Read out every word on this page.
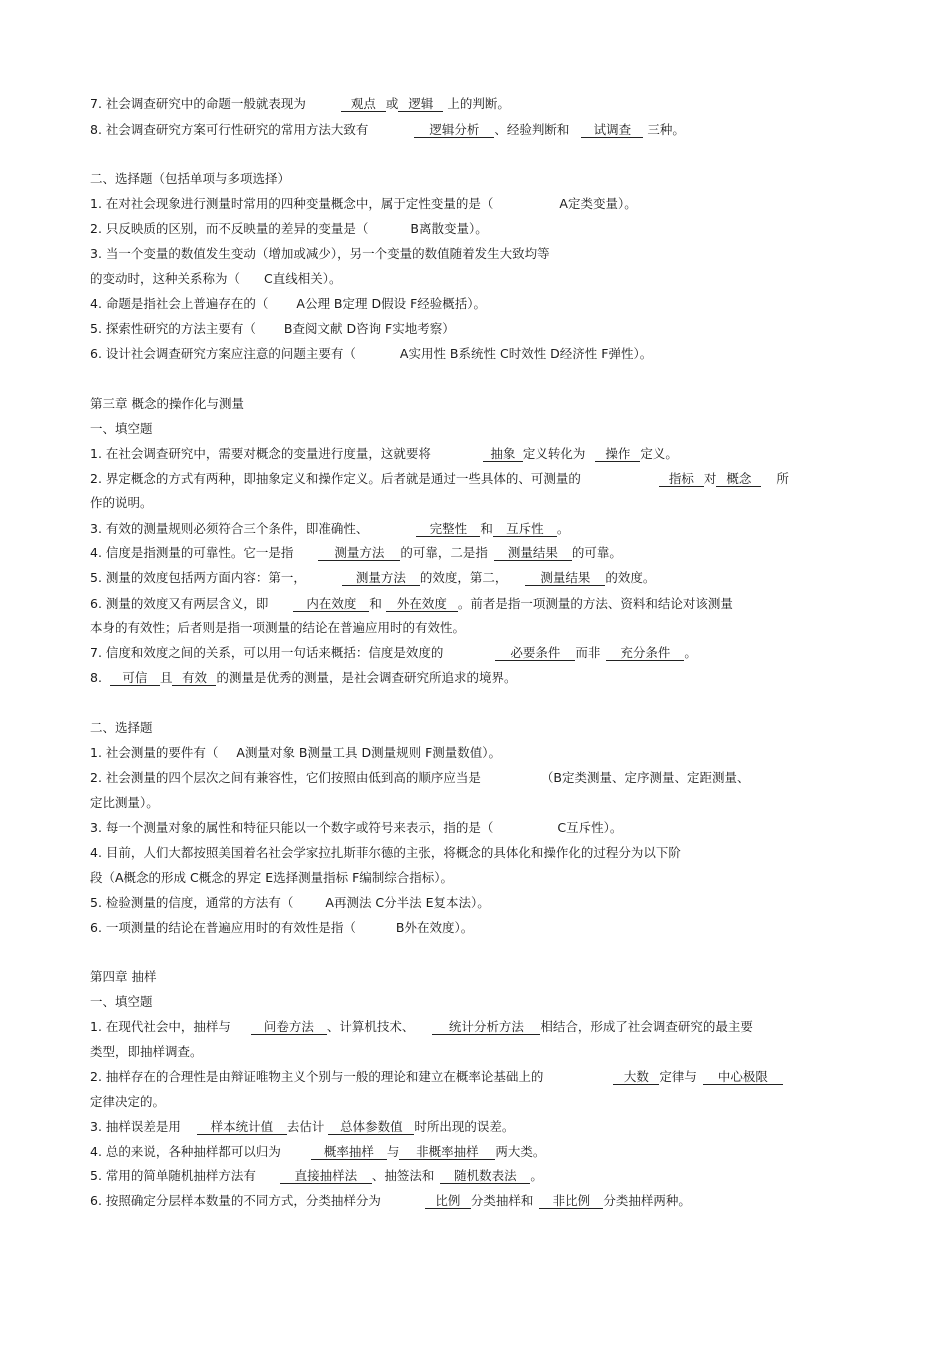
7. 社会调查研究中的命题一般就表现为	观点 或 逻辑 上的判断。
8. 社会调查研究方案可行性研究的常用方法大致有	逻辑分析 、经验判断和 试调查 三种。
二、选择题（包括单项与多项选择）
1. 在对社会现象进行测量时常用的四种变量概念中，属于定性变量的是（	A定类变量）。
2. 只反映质的区别，而不反映量的差异的变量是（	B离散变量）。
3. 当一个变量的数值发生变动（增加或减少），另一个变量的数值随着发生大致均等
的变动时，这种关系称为（ C直线相关）。
4. 命题是指社会上普遍存在的（ A公理 B定理 D假设 F经验概括）。
5. 探索性研究的方法主要有（ B查阅文献 D咨询 F实地考察）
6. 设计社会调查研究方案应注意的问题主要有（	A实用性 B系统性 C时效性 D经济性 F弹性）。
第三章 概念的操作化与测量
一、填空题
1. 在社会调查研究中，需要对概念的变量进行度量，这就要将	抽象 定义转化为 操作 定义。
2. 界定概念的方式有两种，即抽象定义和操作定义。后者就是通过一些具体的、可测量的	指标 对 概念 所
作的说明。
3. 有效的测量规则必须符合三个条件，即准确性、	完整性 和 互斥性 。
4. 信度是指测量的可靠性。它一是指	测量方法 的可靠，二是指 测量结果 的可靠。
5. 测量的效度包括两方面内容：第一，	测量方法 的效度，第二，	测量结果 的效度。
6. 测量的效度又有两层含义，即	内在效度 和 外在效度 。前者是指一项测量的方法、资料和结论对该测量
本身的有效性；后者则是指一项测量的结论在普遍应用时的有效性。
7. 信度和效度之间的关系，可以用一句话来概括：信度是效度的	必要条件 而非 充分条件 。
8. 可信 且 有效 的测量是优秀的测量，是社会调查研究所追求的境界。
二、选择题
1. 社会测量的要件有（ A测量对象 B测量工具 D测量规则 F测量数值）。
2. 社会测量的四个层次之间有兼容性，它们按照由低到高的顺序应当是	（B定类测量、定序测量、定距测量、
定比测量）。
3. 每一个测量对象的属性和特征只能以一个数字或符号来表示，指的是（	C互斥性）。
4. 目前，人们大都按照美国着名社会学家拉扎斯菲尔德的主张，将概念的具体化和操作化的过程分为以下阶
段（A概念的形成 C概念的界定 E选择测量指标 F编制综合指标）。
5. 检验测量的信度，通常的方法有（	A再测法 C分半法 E复本法）。
6. 一项测量的结论在普遍应用时的有效性是指（	B外在效度）。
第四章 抽样
一、填空题
1. 在现代社会中，抽样与	问卷方法 、计算机技术、	统计分析方法 相结合，形成了社会调查研究的最主要
类型，即抽样调查。
2. 抽样存在的合理性是由辩证唯物主义个别与一般的理论和建立在概率论基础上的	大数 定律与 中心极限
定律决定的。
3. 抽样误差是用 样本统计值 去估计 总体参数值 时所出现的误差。
4. 总的来说，各种抽样都可以归为	概率抽样 与 非概率抽样 两大类。
5. 常用的简单随机抽样方法有	直接抽样法 、抽签法和 随机数表法 。
6. 按照确定分层样本数量的不同方式，分类抽样分为	比例 分类抽样和 非比例 分类抽样两种。
